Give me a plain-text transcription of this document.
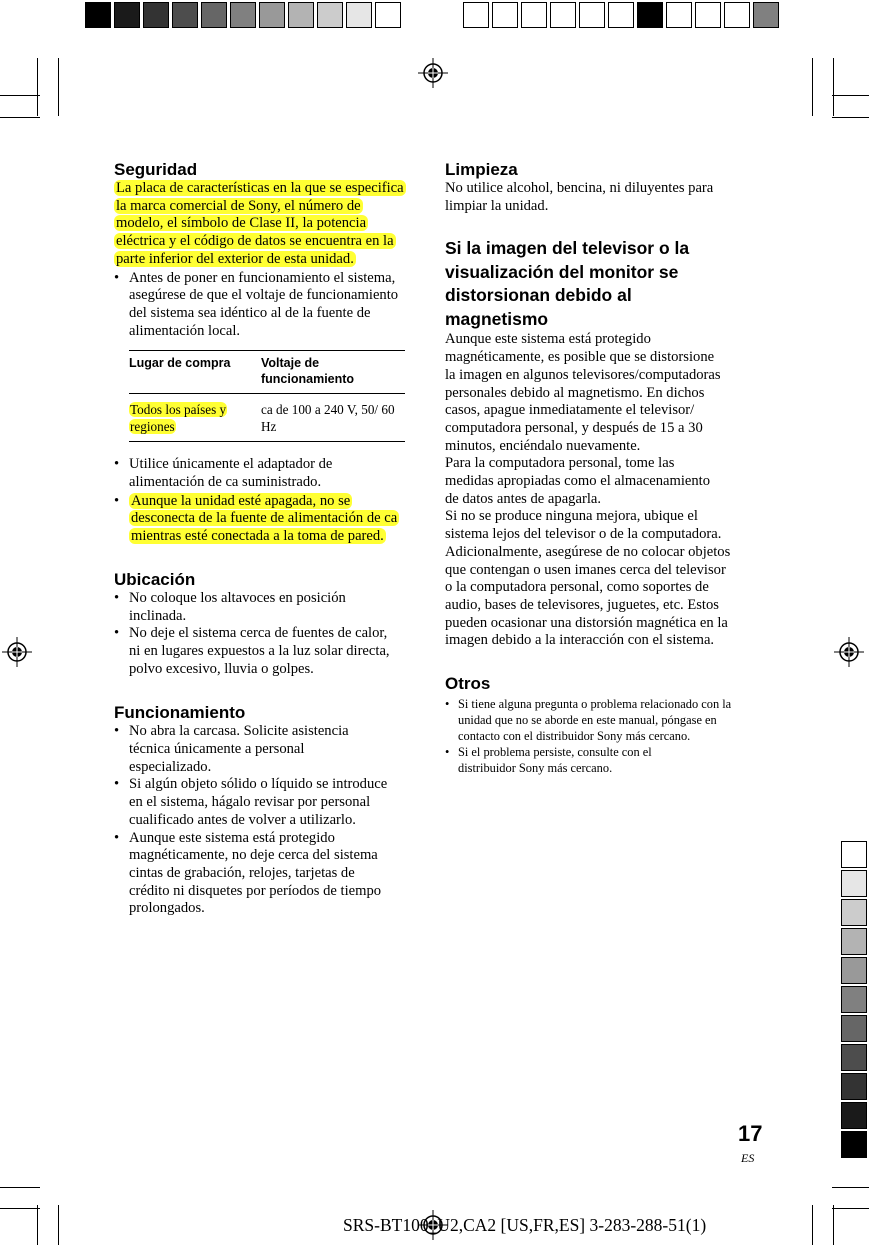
Seguridad

La placa de características en la que se especifica la marca comercial de Sony, el número de modelo, el símbolo de Clase II, la potencia eléctrica y el código de datos se encuentra en la parte inferior del exterior de esta unidad.

• Antes de poner en funcionamiento el sistema, asegúrese de que el voltaje de funcionamiento del sistema sea idéntico al de la fuente de alimentación local.
Lugar de compra	Voltaje de funcionamiento
Todos los países y regiones	ca de 100 a 240 V, 50/ 60 Hz
• Utilice únicamente el adaptador de alimentación de ca suministrado.
• Aunque la unidad esté apagada, no se desconecta de la fuente de alimentación de ca mientras esté conectada a la toma de pared.
Ubicación
• No coloque los altavoces en posición inclinada.
• No deje el sistema cerca de fuentes de calor, ni en lugares expuestos a la luz solar directa, polvo excesivo, lluvia o golpes.
Funcionamiento
• No abra la carcasa. Solicite asistencia técnica únicamente a personal especializado.
• Si algún objeto sólido o líquido se introduce en el sistema, hágalo revisar por personal cualificado antes de volver a utilizarlo.
• Aunque este sistema está protegido magnéticamente, no deje cerca del sistema cintas de grabación, relojes, tarjetas de crédito ni disquetes por períodos de tiempo prolongados.
Limpieza

No utilice alcohol, bencina, ni diluyentes para limpiar la unidad.

Si la imagen del televisor o la visualización del monitor se distorsionan debido al magnetismo

Aunque este sistema está protegido magnéticamente, es posible que se distorsione la imagen en algunos televisores/computadoras personales debido al magnetismo. En dichos casos, apague inmediatamente el televisor/ computadora personal, y después de 15 a 30 minutos, enciéndalo nuevamente.

Para la computadora personal, tome las medidas apropiadas como el almacenamiento de datos antes de apagarla.

Si no se produce ninguna mejora, ubique el sistema lejos del televisor o de la computadora.

Adicionalmente, asegúrese de no colocar objetos que contengan o usen imanes cerca del televisor o la computadora personal, como soportes de audio, bases de televisores, juguetes, etc. Estos pueden ocasionar una distorsión magnética en la imagen debido a la interacción con el sistema.

Otros
• Si tiene alguna pregunta o problema relacionado con la unidad que no se aborde en este manual, póngase en contacto con el distribuidor Sony más cercano.
• Si el problema persiste, consulte con el distribuidor Sony más cercano.
17
ES
SRS-BT100_U2,CA2 [US,FR,ES] 3-283-288-51(1)
